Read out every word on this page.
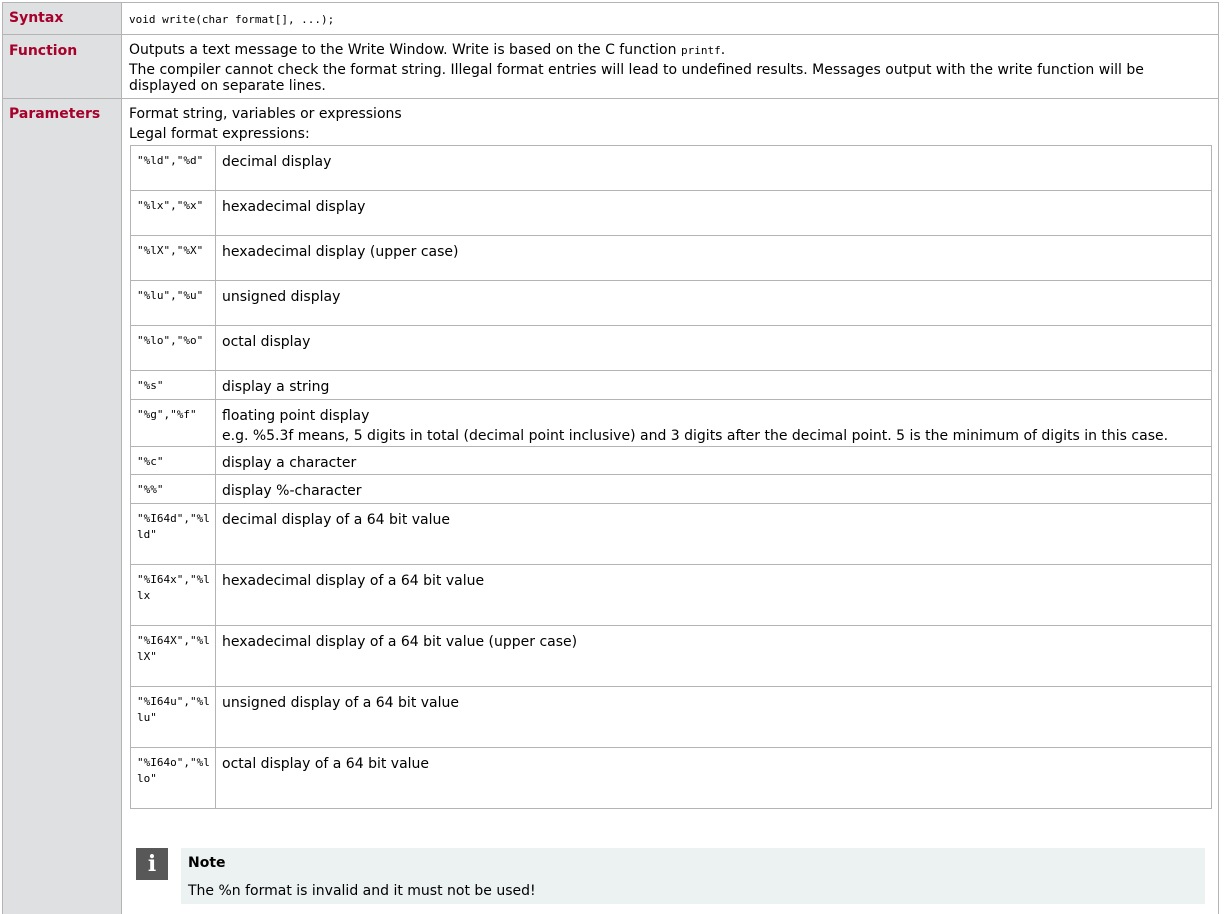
Syntax	void write(char format[], ...);
Function	Outputs a text message to the Write Window. Write is based on the C function printf.
The compiler cannot check the format string. Illegal format entries will lead to undefined results. Messages output with the write function will be displayed on separate lines.
Parameters	Format string, variables or expressions
Legal format expressions:
"%ld","%d"	decimal display

"%lx","%x"	hexadecimal display

"%lX","%X"	hexadecimal display (upper case)

"%lu","%u"	unsigned display

"%lo","%o"	octal display

"%s"	display a string

"%g","%f"	floating point display
e.g. %5.3f means, 5 digits in total (decimal point inclusive) and 3 digits after the decimal point. 5 is the minimum of digits in this case.

"%c"	display a character

"%%"	display %-character

"%I64d","%lld"	decimal display of a 64 bit value

"%I64x","%llx	hexadecimal display of a 64 bit value

"%I64X","%llX"	hexadecimal display of a 64 bit value (upper case)

"%I64u","%llu"	unsigned display of a 64 bit value

"%I64o","%llo"	octal display of a 64 bit value
i	Note
The %n format is invalid and it must not be used!
